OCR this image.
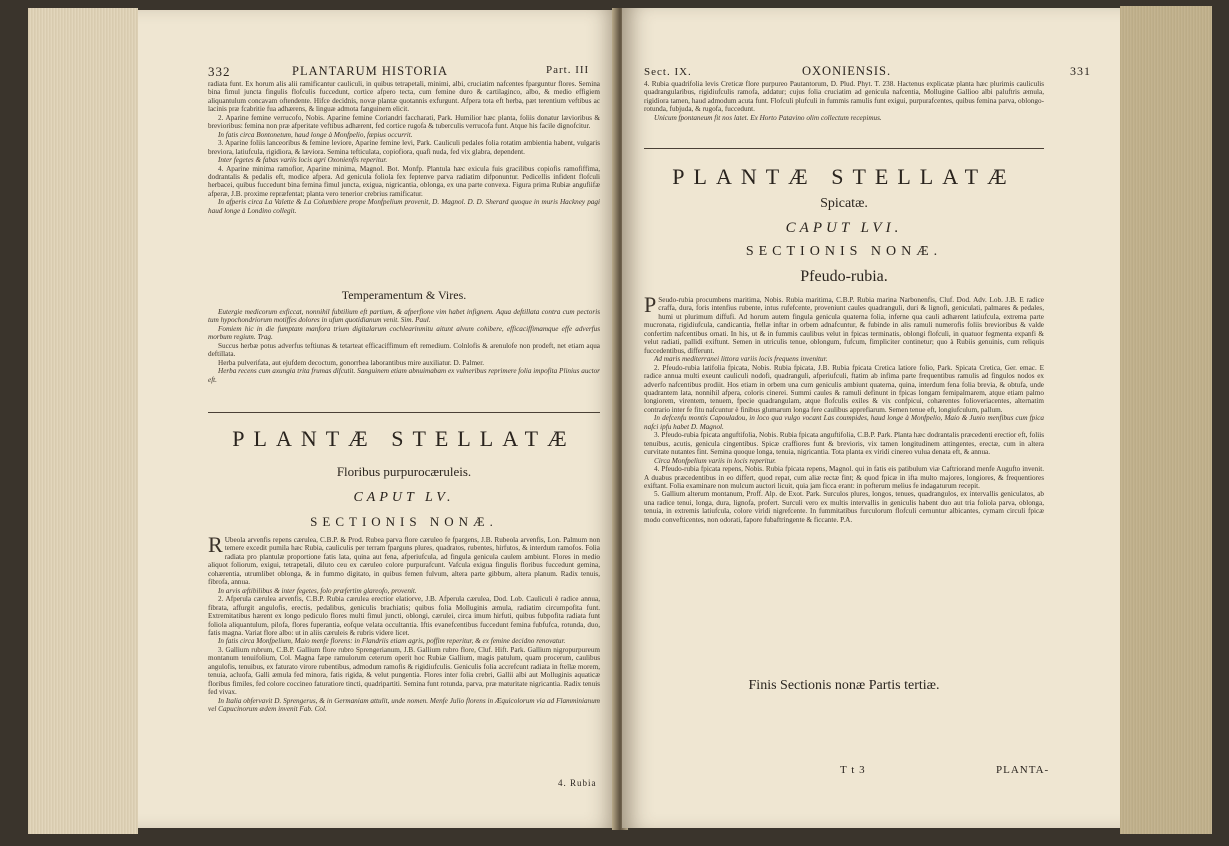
332	PLANTARUM HISTORIA	Part. III

radiata funt. Ex horum alis alii ramificantur cauliculi, in quibus tetrapetali, minimi, albi, cruciatim nafcentes fparguntur flores. Semina bina fimul juncta fingulis flofculis fuccedunt, cortice afpero tecta, cum femine duro & cartilaginco, albo, & medio effigiem aliquantulum concavam oftendente. Hifce decidnis, novæ plantæ quotannis exfurgunt. Afpera tota eft herba, pæt terentium veftibus ac lacinis præ fcabritie fua adhærens, & linguæ admota fanguinem elicit.

2. Aparine femine verrucofo, Nobis. Aparine femine Coriandri faccharati, Park. Humilior hæc planta, foliis donatur lævioribus & brevioribus: femina non præ afperitate veftibus adhærent, fed cortice rugofa & tuberculis verrucofa funt. Atque his facile dignofcitur.

In fatis circa Bontonetum, haud longe à Monfpelio, fæpius occurrit.

3. Aparine foliis lanceoribus & femine leviore, Aparine femine levi, Park. Cauliculi pedales folia rotatim ambientia habent, vulgaris breviora, latiufcula, rigidiora, & læviora. Semina tefticulata, copiofiora, quafi nuda, fed vix glabra, dependent.

Inter fegetes & fabas variis locis agri Oxonienfis reperitur.

4. Aparine minima ramofior, Aparine minima, Magnol. Bot. Monfp. Plantula hæc exicula fuis gracilibus copiofis ramofiffima, dodrantalis & pedalis eft, modice afpera. Ad genicula foliola fex feptenve parva radiatim difponuntur. Pedicellis infident flofculi herbacei, quibus fuccedunt bina femina fimul juncta, exigua, nigricantia, oblonga, ex una parte convexa. Figura prima Rubiæ angufiifæ afperæ, J.B. proxime repræfentat; planta vero tenerior crebrius ramificatur.

In afperis circa La Valette & La Columbiere prope Monfpelium provenit, D. Magnol. D. D. Sherard quoque in muris Hackney pagi haud longe à Londino collegit.

Temperamentum & Vires.

Eutergie medicorum exficcat, nonnihil fubtilium eft partium, & afperfione vim habet infignem. Aqua deftillata contra cum pectoris tum hypochondriorum motiffes dolores in ufum quotidianum venit. Sim. Paul.

Fomiem hic in die fumptam manfora trium digitalarum cochlearinmitu aitunt alvum cohibere, efficaciffimamque effe adverfus morbum regium. Trag.

Succus herbæ potus adverfus teftiunas & tetarteat efficaciffimum eft remedium. Colnlofis & arenulofe non prodeft, net etiam aqua deftillata.

Herba pulverifata, aut ejufdem decoctum, gonorrhea laborantibus mire auxiliatur. D. Palmer.

Herba recens cum axungia trita frumas difcutit. Sanguinem etiam abnuimabam ex vulneribus reprimere folia impofita Plinius auctor eft.

PLANTÆ STELLATÆ
Floribus purpurocæruleis.
CAPUT LV.
SECTIONIS NONÆ.

R Ubeola arvenfis repens cærulea, C.B.P. & Prod. Rubea parva flore cæruleo fe fpargens, J.B. Rubeola arvenfis, Lon. Palmum non temere excedit pumila hæc Rubia, cauliculis per terram fparguns plures, quadratos, rubentes, hirfutos, & interdum ramofos. Folia radiata pro plantulæ proportione fatis lata, quina aut fena, afperiufcula, ad fingula genicula caulem ambiunt. Flores in medio aliquot foliorum, exigui, tetrapetali, diluto ceu ex cæruleo colore purpurafcunt. Vafcula exigua fingulis floribus fuccedunt gemina, cohærentia, utrumlibet oblonga, & in fummo digitato, in quibus femen fulvum, altera parte gibbum, altera planum. Radix tenuis, fibrofa, annua.

In arvis æftibilibus & inter fegetes, folo præfertim glareofo, provenit.

2. Afperula cærulea arvenfis, C.B.P. Rubia cærulea erectior elatiorve, J.B. Afperula cærulea, Dod. Lob. Cauliculi è radice annua, fibrata, affurgit angulofis, erectis, pedalibus, geniculis brachiatis; quibus folia Molluginis æmula, radiatim circumpofita funt. Extremitatibus hærent ex longo pediculo flores multi fimul juncti, oblongi, cærulei, circa imum hirfuti, quibus fubpofita radiata funt foliola aliquantulum, pilofa, flores fuperantia, eofque velata occultantia. Iftis evanefcentibus fuccedunt femina fubfufca, rotunda, duo, fatis magna. Variat flore albo: ut in aliis cæruleis & rubris videre licet.

In fatis circa Monfpelium, Maio menfe florens: in Flandriis etiam agris, poffim reperitur, & ex femine decidno renovatur.

3. Gallium rubrum, C.B.P. Gallium flore rubro Sprengerianum, J.B. Gallium rubro flore, Cluf. Hift. Park. Gallium nigropurpureum montanum tenuifolium, Col. Magna fæpe ramulorum ceterum operit hoc Rubiæ Gallium, magis patulum, quam procerum, caulibus angulofis, tenuibus, ex faturato virore rubentibus, admodum ramofis & rigidiufculis. Geniculis folia accrefcunt radiata in ftellæ morem, tenuia, acluofa, Galli æmula fed minora, fatis rigida, & velut pungentia. Flores inter folia crebri, Gallii albi aut Molluginis aquaticæ floribus fimiles, fed colore coccineo faturatiore tincti, quadripartiti. Semina funt rotunda, parva, præ maturitate nigricantia. Radix tenuis fed vivax.

In Italia obfervavit D. Sprengerus, & in Germaniam attulit, unde nomen. Menfe Julio florens in Æquicolorum via ad Flamminianum vel Capucinorum ædem invenit Fab. Col.

4. Rubia
Sect. IX.	OXONIENSIS.	331

4. Rubia quadrifolia levis Creticæ flore purpureo Pautantorum, D. Plud. Phyt. T. 238. Hactenus explicatæ planta hæc plurimis cauliculis quadrangularibus, rigidiufculis ramofa, addatur; cujus folia cruciatim ad genicula nafcentia, Mollugine Gallioo albi paluftris æmula, rigidiora tamen, haud admodum acuta funt. Flofculi plufculi in fummis ramulis funt exigui, purpurafcentes, quibus femina parva, oblongo-rotunda, fubjuda, & rugofa, fuccedunt.

Unicum fpontaneum fit nos latet. Ex Horto Patavino olim collectum recepimus.

PLANTÆ STELLATÆ
Spicatæ.
CAPUT LVI.
SECTIONIS NONÆ.
Pfeudo-rubia.

P Seudo-rubia procumbens maritima, Nobis. Rubia maritima, C.B.P. Rubia marina Narbonenfis, Cluf. Dod. Adv. Lob. J.B. E radice craffa, dura, foris intenfius rubente, intus rufefcente, proveniunt caules quadranguli, duri & lignofi, geniculati, palmares & pedales, humi ut plurimum diffufi. Ad horum autem fingula genicula quaterna folia, inferne qua cauli adhærent latiufcula, extrema parte mucronata, rigidiufcula, candicantia, ftellæ inftar in orbem adnafcuntur, & fubinde in alis ramuli numerofis foliis brevioribus & valde confertim nafcentibus ornati. In his, ut & in fummis caulibus velut in fpicas terminatis, oblongi flofculi, in quatuor fegmenta expanfi & velut radiati, pallidi exiftunt. Semen in utriculis tenue, oblongum, fufcum, fimpliciter continetur; quo à Rubiis genuinis, cum reliquis fuccedentibus, differunt.

Ad maris mediterranei littora variis locis frequens invenitur.

2. Pfeudo-rubia latifolia fpicata, Nobis. Rubia fpicata, J.B. Rubia fpicata Cretica latiore folio, Park. Spicata Cretica, Ger. emac. E radice annua multi exeunt cauliculi nodofi, quadranguli, afperiufculi, ftatim ab infima parte frequentibus ramulis ad fingulos nodos ex adverfo nafcentibus prodiit. Hos etiam in orbem una cum geniculis ambiunt quaterna, quina, interdum fena folia brevia, & obtufa, unde quadrantem lata, nonnihil afpera, coloris cinerei. Summi caules & ramuli definunt in fpicas longam femipalmarem, atque etiam palmo longiorem, virentem, tenuem, fpecie quadrangulam, atque flofculis exiles & vix confpicui, cohærentes folioveriacentes, alternatim contrario inter fe fitu nafcuntur è finibus glumarum longa fere caulibus apprefiarum. Semen tenue eft, longiufculum, pallum.

In defcenfu montis Capouladou, in loco qua vulgo vocant Las coumpides, haud longe à Monfpelio, Maio & Junio menfibus cum fpica nafci ipfu habet D. Magnol.

3. Pfeudo-rubia fpicata anguftifolia, Nobis. Rubia fpicata anguftifolia, C.B.P. Park. Planta hæc dodrantalis præcedenti erectior eft, foliis tenuibus, acutis, genicula cingentibus. Spicæ craffiores funt & brevioris, vix tamen longitudinem attingentes, erectæ, cum in altera curvitate nutantes fint. Semina quoque longa, tenuia, nigricantia. Tota planta ex viridi cinereo vulua denata eft, & annua.

Circa Monfpelium variis in locis reperitur.

4. Pfeudo-rubia fpicata repens, Nobis. Rubia fpicata repens, Magnol. qui in fatis eis patibulum viæ Caftriorand menfe Augufto invenit. A duabus præcedentibus in eo differt, quod repat, cum aliæ rectæ fint; & quod fpicæ in ifta multo majores, longiores, & frequentiores exiftant. Folia examinare non mulcum auctori licuit, quia jam ficca erant: in pofterum melius fe indagaturum recepit.

5. Gallium alterum montanum, Proff. Alp. de Exot. Park. Surculos plures, longos, tenues, quadrangulos, ex intervallis geniculatos, ab una radice tenui, longa, dura, lignofa, profert. Surculi vero ex multis intervallis in geniculis habent duo aut tria foliola parva, oblonga, tenuia, in extremis latiufcula, colore viridi nigrefcente. In fummitatibus furculorum flofculi cernuntur albicantes, cymam circuli fpicæ modo convefticentes, non odorati, fapore fubaftringente & ficcante. P.A.

Finis Sectionis nonæ Partis tertiæ.
T t 3	PLANTA-
